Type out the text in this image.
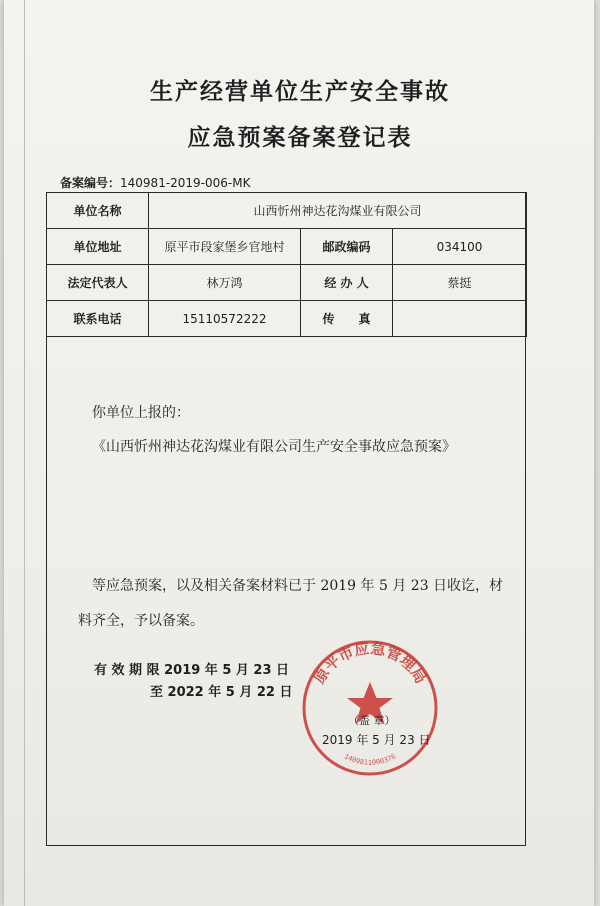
生产经营单位生产安全事故
应急预案备案登记表
备案编号：140981-2019-006-MK
单位名称	山西忻州神达花沟煤业有限公司		
单位地址	原平市段家堡乡官地村	邮政编码	034100
法定代表人	林万鸿	经 办 人	蔡挺
联系电话	15110572222	传　　真	
你单位上报的：
《山西忻州神达花沟煤业有限公司生产安全事故应急预案》
等应急预案，以及相关备案材料已于 2019 年 5 月 23 日收讫，材
料齐全，予以备案。
有 效 期 限 2019 年 5 月 23 日
至 2022 年 5 月 22 日
原平市应急管理局
1409811000376
（盖 章）
2019 年 5 月 23 日
